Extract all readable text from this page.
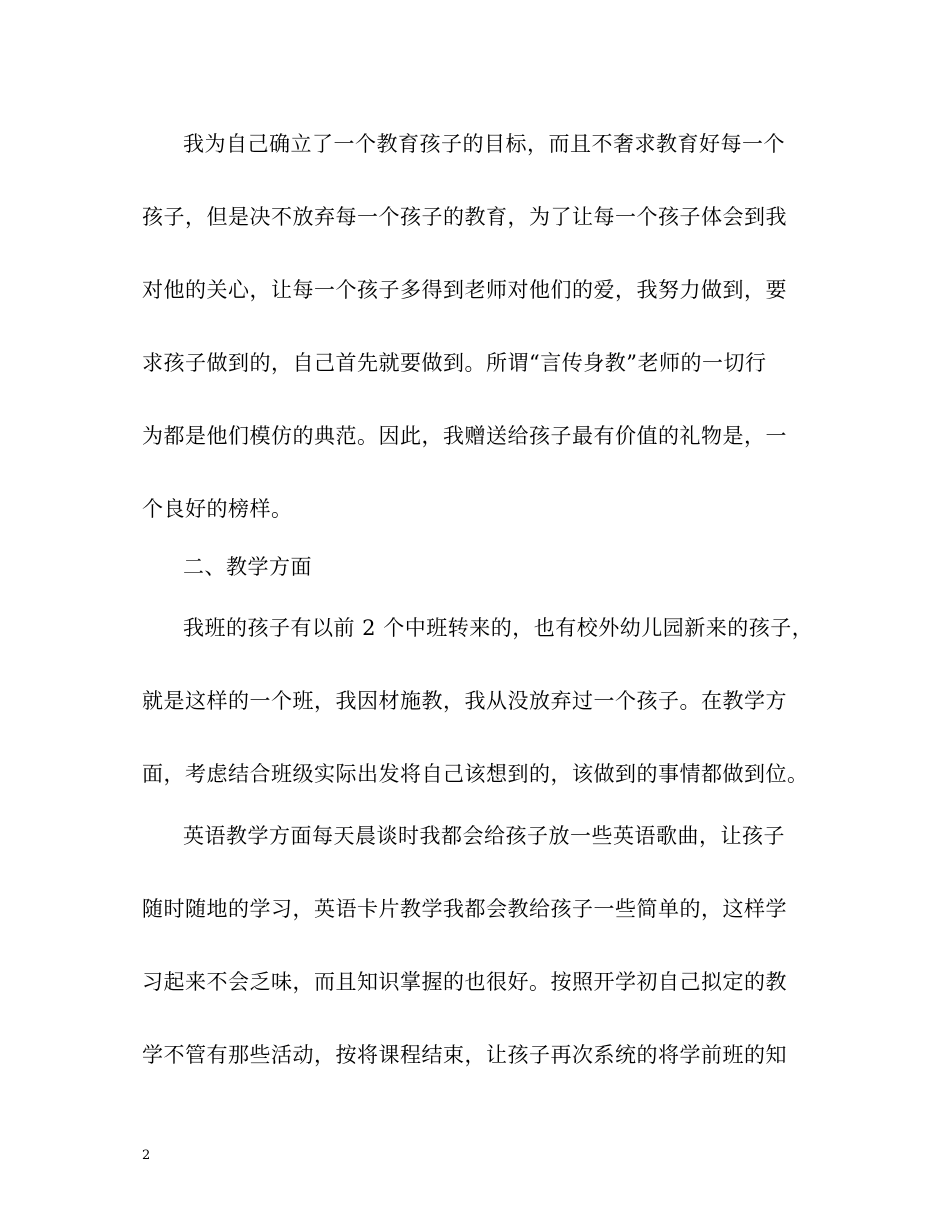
我为自己确立了一个教育孩子的目标，而且不奢求教育好每一个
孩子，但是决不放弃每一个孩子的教育，为了让每一个孩子体会到我
对他的关心，让每一个孩子多得到老师对他们的爱，我努力做到，要
求孩子做到的，自己首先就要做到。所谓“言传身教”老师的一切行
为都是他们模仿的典范。因此，我赠送给孩子最有价值的礼物是，一
个良好的榜样。
二、教学方面
我班的孩子有以前 2 个中班转来的，也有校外幼儿园新来的孩子，
就是这样的一个班，我因材施教，我从没放弃过一个孩子。在教学方
面，考虑结合班级实际出发将自己该想到的，该做到的事情都做到位。
英语教学方面每天晨谈时我都会给孩子放一些英语歌曲，让孩子
随时随地的学习，英语卡片教学我都会教给孩子一些简单的，这样学
习起来不会乏味，而且知识掌握的也很好。按照开学初自己拟定的教
学不管有那些活动，按将课程结束，让孩子再次系统的将学前班的知
2
